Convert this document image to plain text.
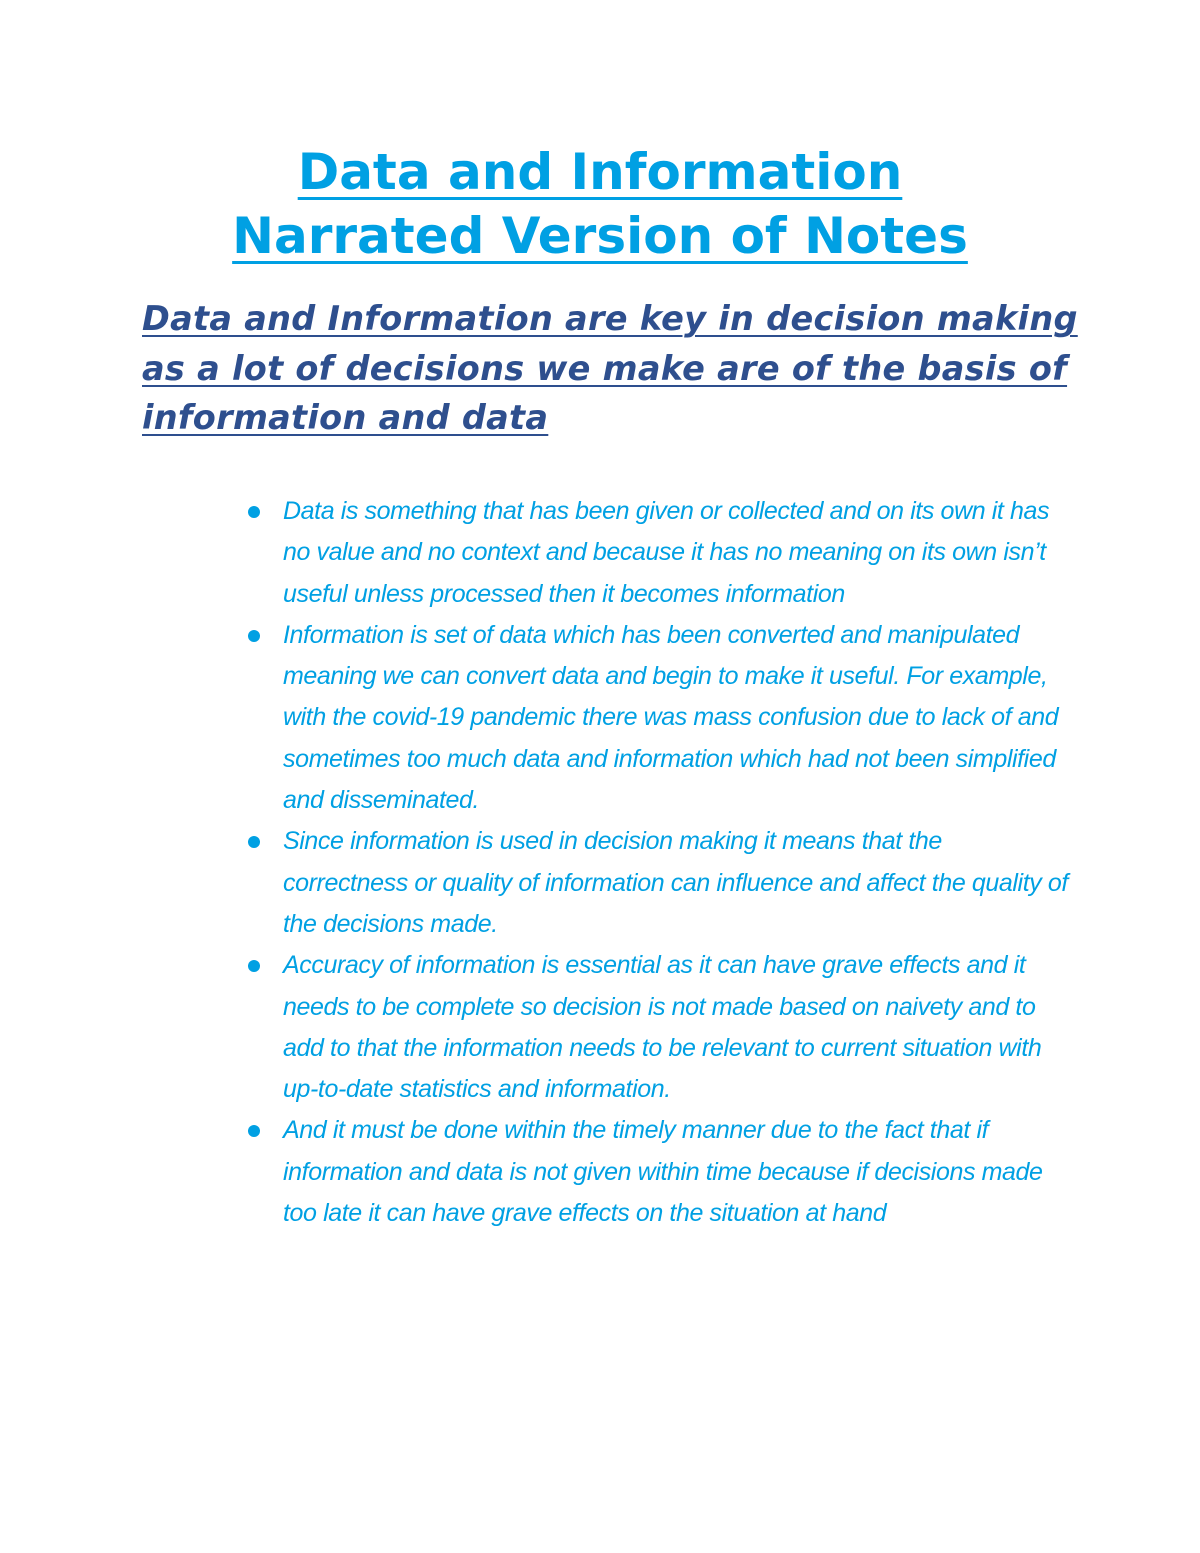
Data and Information
Narrated Version of Notes
Data and Information are key in decision making as a lot of decisions we make are of the basis of information and data
Data is something that has been given or collected and on its own it has no value and no context and because it has no meaning on its own isn’t useful unless processed then it becomes information
Information is set of data which has been converted and manipulated meaning we can convert data and begin to make it useful. For example, with the covid-19 pandemic there was mass confusion due to lack of and sometimes too much data and information which had not been simplified and disseminated.
Since information is used in decision making it means that the correctness or quality of information can influence and affect the quality of the decisions made.
Accuracy of information is essential as it can have grave effects and it needs to be complete so decision is not made based on naivety and to add to that the information needs to be relevant to current situation with up-to-date statistics and information.
And it must be done within the timely manner due to the fact that if information and data is not given within time because if decisions made too late it can have grave effects on the situation at hand
